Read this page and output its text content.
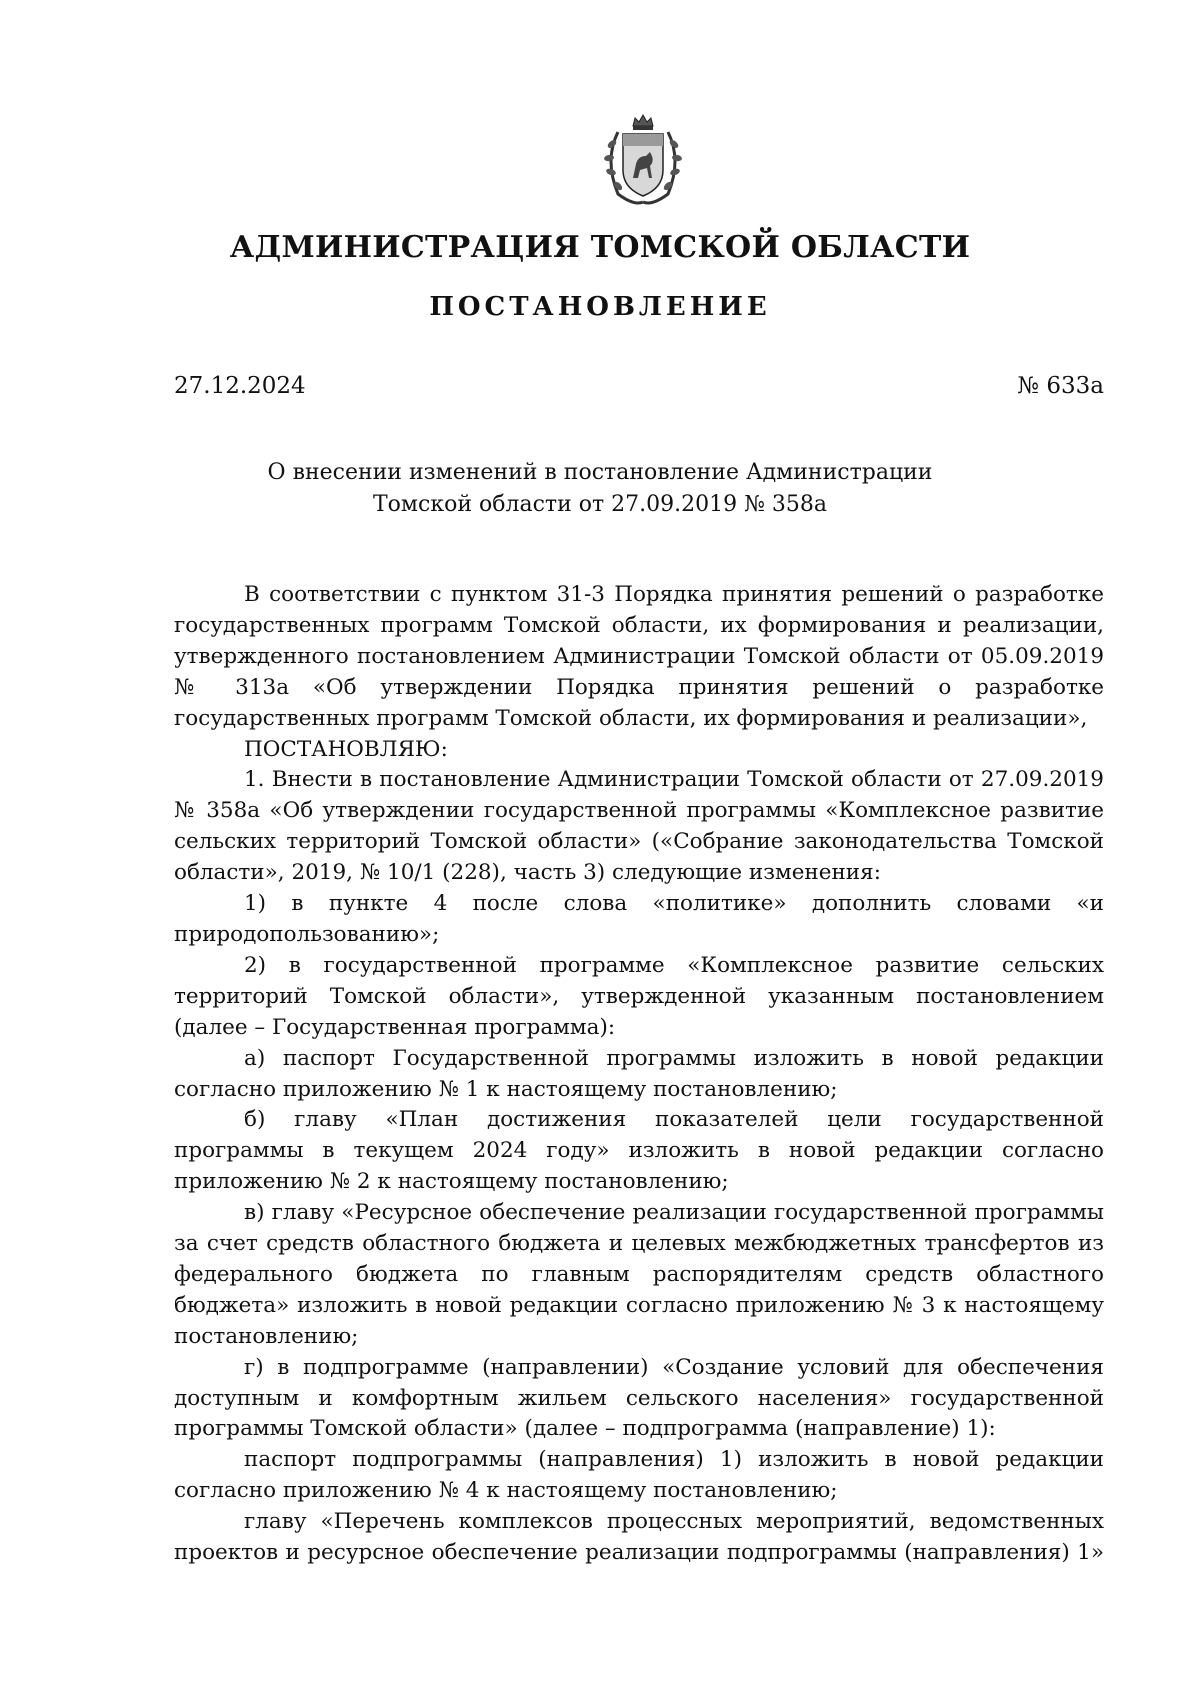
АДМИНИСТРАЦИЯ ТОМСКОЙ ОБЛАСТИ
ПОСТАНОВЛЕНИЕ
27.12.2024	№ 633а
О внесении изменений в постановление Администрации
Томской области от 27.09.2019 № 358а

В соответствии с пунктом 31-3 Порядка принятия решений о разработке государственных программ Томской области, их формирования и реализации, утвержденного постановлением Администрации Томской области от 05.09.2019 № 313а «Об утверждении Порядка принятия решений о разработке государственных программ Томской области, их формирования и реализации»,

ПОСТАНОВЛЯЮ:

1. Внести в постановление Администрации Томской области от 27.09.2019 № 358а «Об утверждении государственной программы «Комплексное развитие сельских территорий Томской области» («Собрание законодательства Томской области», 2019, № 10/1 (228), часть 3) следующие изменения:

1) в пункте 4 после слова «политике» дополнить словами «и природопользованию»;

2) в государственной программе «Комплексное развитие сельских территорий Томской области», утвержденной указанным постановлением (далее – Государственная программа):

а) паспорт Государственной программы изложить в новой редакции согласно приложению № 1 к настоящему постановлению;

б) главу «План достижения показателей цели государственной программы в текущем 2024 году» изложить в новой редакции согласно приложению № 2 к настоящему постановлению;

в) главу «Ресурсное обеспечение реализации государственной программы за счет средств областного бюджета и целевых межбюджетных трансфертов из федерального бюджета по главным распорядителям средств областного бюджета» изложить в новой редакции согласно приложению № 3 к настоящему постановлению;

г) в подпрограмме (направлении) «Создание условий для обеспечения доступным и комфортным жильем сельского населения» государственной программы Томской области» (далее – подпрограмма (направление) 1):

паспорт подпрограммы (направления) 1) изложить в новой редакции согласно приложению № 4 к настоящему постановлению;

главу «Перечень комплексов процессных мероприятий, ведомственных проектов и ресурсное обеспечение реализации подпрограммы (направления) 1»
